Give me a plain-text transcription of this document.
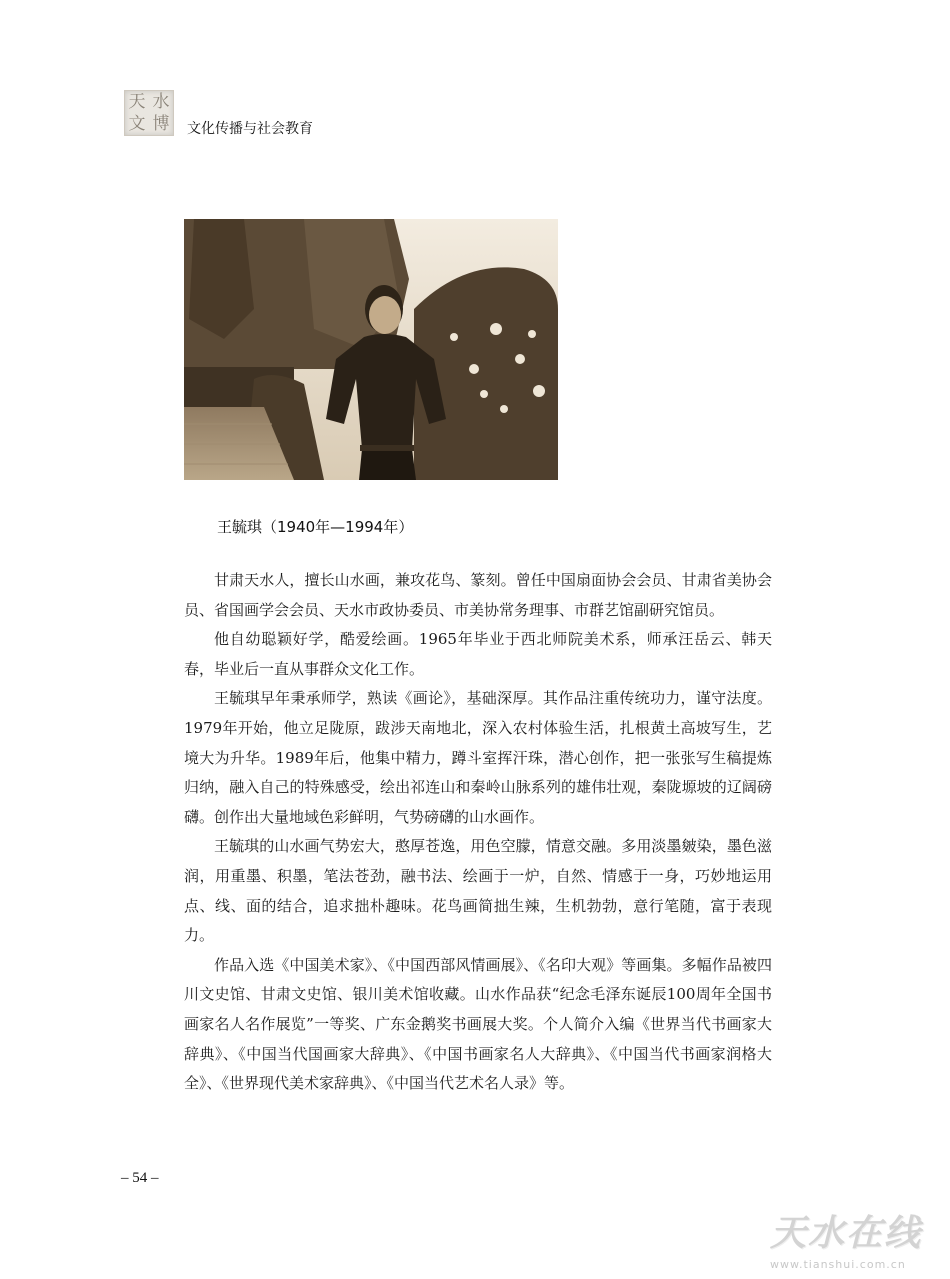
天 水
文 博 文化传播与社会教育
王毓琪（1940年—1994年）

甘肃天水人，擅长山水画，兼攻花鸟、篆刻。曾任中国扇面协会会员、甘肃省美协会员、省国画学会会员、天水市政协委员、市美协常务理事、市群艺馆副研究馆员。

他自幼聪颖好学，酷爱绘画。1965年毕业于西北师院美术系，师承汪岳云、韩天春，毕业后一直从事群众文化工作。

王毓琪早年秉承师学，熟读《画论》，基础深厚。其作品注重传统功力，谨守法度。1979年开始，他立足陇原，跋涉天南地北，深入农村体验生活，扎根黄土高坡写生，艺境大为升华。1989年后，他集中精力，蹲斗室挥汗珠，潜心创作，把一张张写生稿提炼归纳，融入自己的特殊感受，绘出祁连山和秦岭山脉系列的雄伟壮观，秦陇塬坡的辽阔磅礴。创作出大量地域色彩鲜明，气势磅礴的山水画作。

王毓琪的山水画气势宏大，憨厚苍逸，用色空朦，情意交融。多用淡墨皴染，墨色滋润，用重墨、积墨，笔法苍劲，融书法、绘画于一炉，自然、情感于一身，巧妙地运用点、线、面的结合，追求拙朴趣味。花鸟画简拙生辣，生机勃勃，意行笔随，富于表现力。

作品入选《中国美术家》、《中国西部风情画展》、《名印大观》等画集。多幅作品被四川文史馆、甘肃文史馆、银川美术馆收藏。山水作品获“纪念毛泽东诞辰100周年全国书画家名人名作展览”一等奖、广东金鹅奖书画展大奖。个人简介入编《世界当代书画家大辞典》、《中国当代国画家大辞典》、《中国书画家名人大辞典》、《中国当代书画家润格大全》、《世界现代美术家辞典》、《中国当代艺术名人录》等。

– 54 –
天水在线
www.tianshui.com.cn
